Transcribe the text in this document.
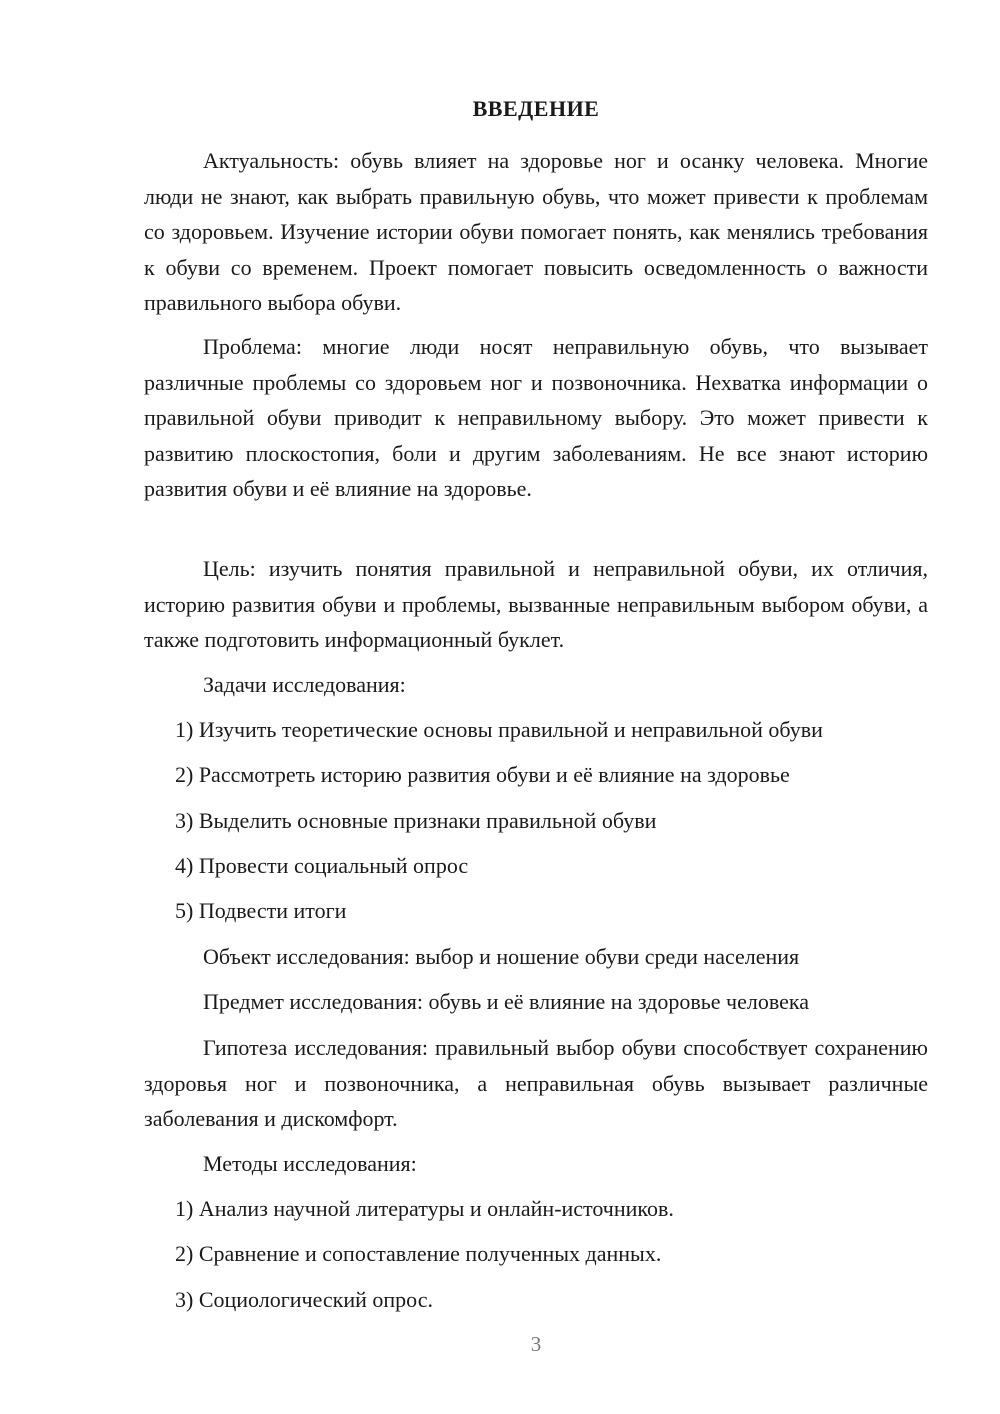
ВВЕДЕНИЕ

Актуальность: обувь влияет на здоровье ног и осанку человека. Многие люди не знают, как выбрать правильную обувь, что может привести к проблемам со здоровьем. Изучение истории обуви помогает понять, как менялись требования к обуви со временем. Проект помогает повысить осведомленность о важности правильного выбора обуви.

Проблема: многие люди носят неправильную обувь, что вызывает различные проблемы со здоровьем ног и позвоночника. Нехватка информации о правильной обуви приводит к неправильному выбору. Это может привести к развитию плоскостопия, боли и другим заболеваниям. Не все знают историю развития обуви и её влияние на здоровье.

Цель: изучить понятия правильной и неправильной обуви, их отличия, историю развития обуви и проблемы, вызванные неправильным выбором обуви, а также подготовить информационный буклет.

Задачи исследования:

1) Изучить теоретические основы правильной и неправильной обуви

2) Рассмотреть историю развития обуви и её влияние на здоровье

3) Выделить основные признаки правильной обуви

4) Провести социальный опрос

5) Подвести итоги

Объект исследования: выбор и ношение обуви среди населения

Предмет исследования: обувь и её влияние на здоровье человека

Гипотеза исследования: правильный выбор обуви способствует сохранению здоровья ног и позвоночника, а неправильная обувь вызывает различные заболевания и дискомфорт.

Методы исследования:

1) Анализ научной литературы и онлайн-источников.

2) Сравнение и сопоставление полученных данных.

3) Социологический опрос.

3
